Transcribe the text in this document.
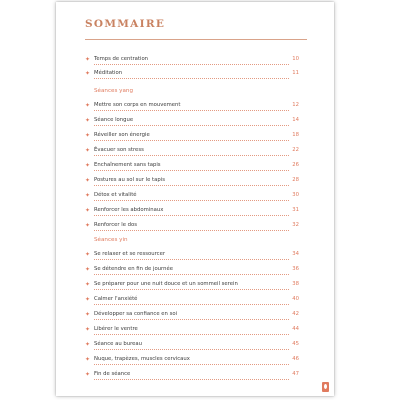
SOMMAIRE
✦ Temps de centration	10
✦ Méditation	11
Séances yang
✦ Mettre son corps en mouvement	12
✦ Séance longue	14
✦ Réveiller son énergie	18
✦ Évacuer son stress	22
✦ Enchaînement sans tapis	26
✦ Postures au sol sur le tapis	28
✦ Détox et vitalité	30
✦ Renforcer les abdominaux	31
✦ Renforcer le dos	32
Séances yin
✦ Se relaxer et se ressourcer	34
✦ Se détendre en fin de journée	36
✦ Se préparer pour une nuit douce et un sommeil serein	38
✦ Calmer l'anxiété	40
✦ Développer sa confiance en soi	42
✦ Libérer le ventre	44
✦ Séance au bureau	45
✦ Nuque, trapèzes, muscles cervicaux	46
✦ Fin de séance	47
